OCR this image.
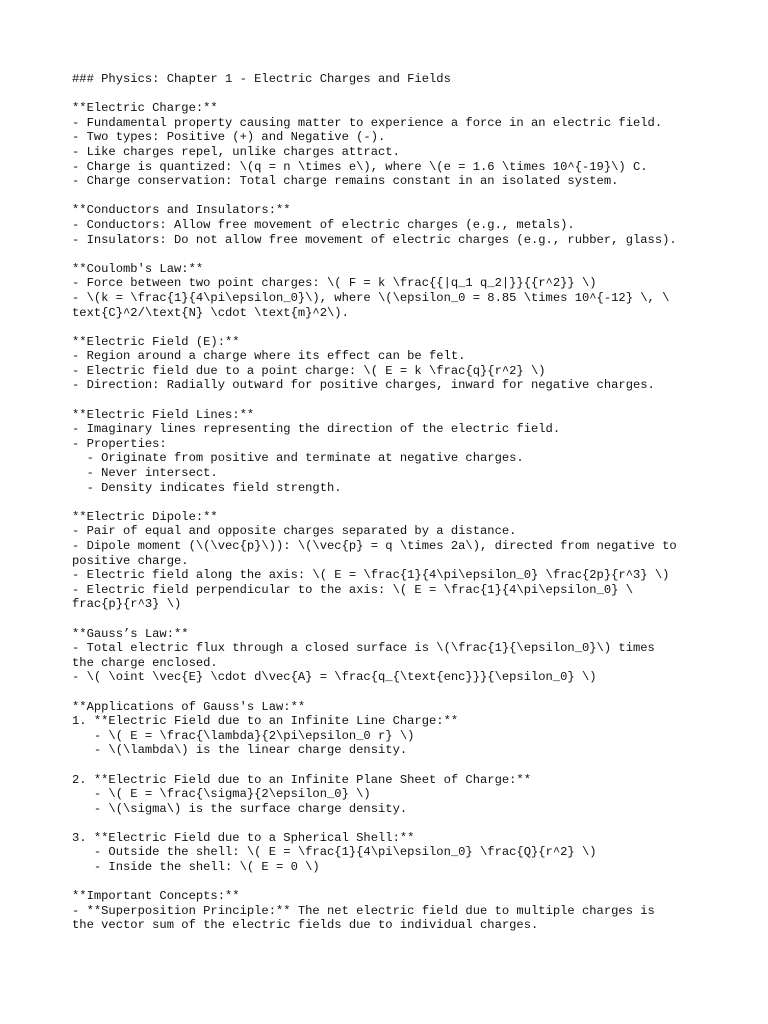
### Physics: Chapter 1 - Electric Charges and Fields
**Electric Charge:**
- Fundamental property causing matter to experience a force in an electric field.
- Two types: Positive (+) and Negative (-).
- Like charges repel, unlike charges attract.
- Charge is quantized: \(q = n \times e\), where \(e = 1.6 \times 10^{-19}\) C.
- Charge conservation: Total charge remains constant in an isolated system.
**Conductors and Insulators:**
- Conductors: Allow free movement of electric charges (e.g., metals).
- Insulators: Do not allow free movement of electric charges (e.g., rubber, glass).
**Coulomb's Law:**
- Force between two point charges: \( F = k \frac{{|q_1 q_2|}}{{r^2}} \)
- \(k = \frac{1}{4\pi\epsilon_0}\), where \(\epsilon_0 = 8.85 \times 10^{-12} \, \
text{C}^2/\text{N} \cdot \text{m}^2\).
**Electric Field (E):**
- Region around a charge where its effect can be felt.
- Electric field due to a point charge: \( E = k \frac{q}{r^2} \)
- Direction: Radially outward for positive charges, inward for negative charges.
**Electric Field Lines:**
- Imaginary lines representing the direction of the electric field.
- Properties:
- Originate from positive and terminate at negative charges.
- Never intersect.
- Density indicates field strength.
**Electric Dipole:**
- Pair of equal and opposite charges separated by a distance.
- Dipole moment (\(\vec{p}\)): \(\vec{p} = q \times 2a\), directed from negative to
positive charge.
- Electric field along the axis: \( E = \frac{1}{4\pi\epsilon_0} \frac{2p}{r^3} \)
- Electric field perpendicular to the axis: \( E = \frac{1}{4\pi\epsilon_0} \
frac{p}{r^3} \)
**Gauss’s Law:**
- Total electric flux through a closed surface is \(\frac{1}{\epsilon_0}\) times
the charge enclosed.
- \( \oint \vec{E} \cdot d\vec{A} = \frac{q_{\text{enc}}}{\epsilon_0} \)
**Applications of Gauss's Law:**
1. **Electric Field due to an Infinite Line Charge:**
- \( E = \frac{\lambda}{2\pi\epsilon_0 r} \)
- \(\lambda\) is the linear charge density.
2. **Electric Field due to an Infinite Plane Sheet of Charge:**
- \( E = \frac{\sigma}{2\epsilon_0} \)
- \(\sigma\) is the surface charge density.
3. **Electric Field due to a Spherical Shell:**
- Outside the shell: \( E = \frac{1}{4\pi\epsilon_0} \frac{Q}{r^2} \)
- Inside the shell: \( E = 0 \)
**Important Concepts:**
- **Superposition Principle:** The net electric field due to multiple charges is
the vector sum of the electric fields due to individual charges.
